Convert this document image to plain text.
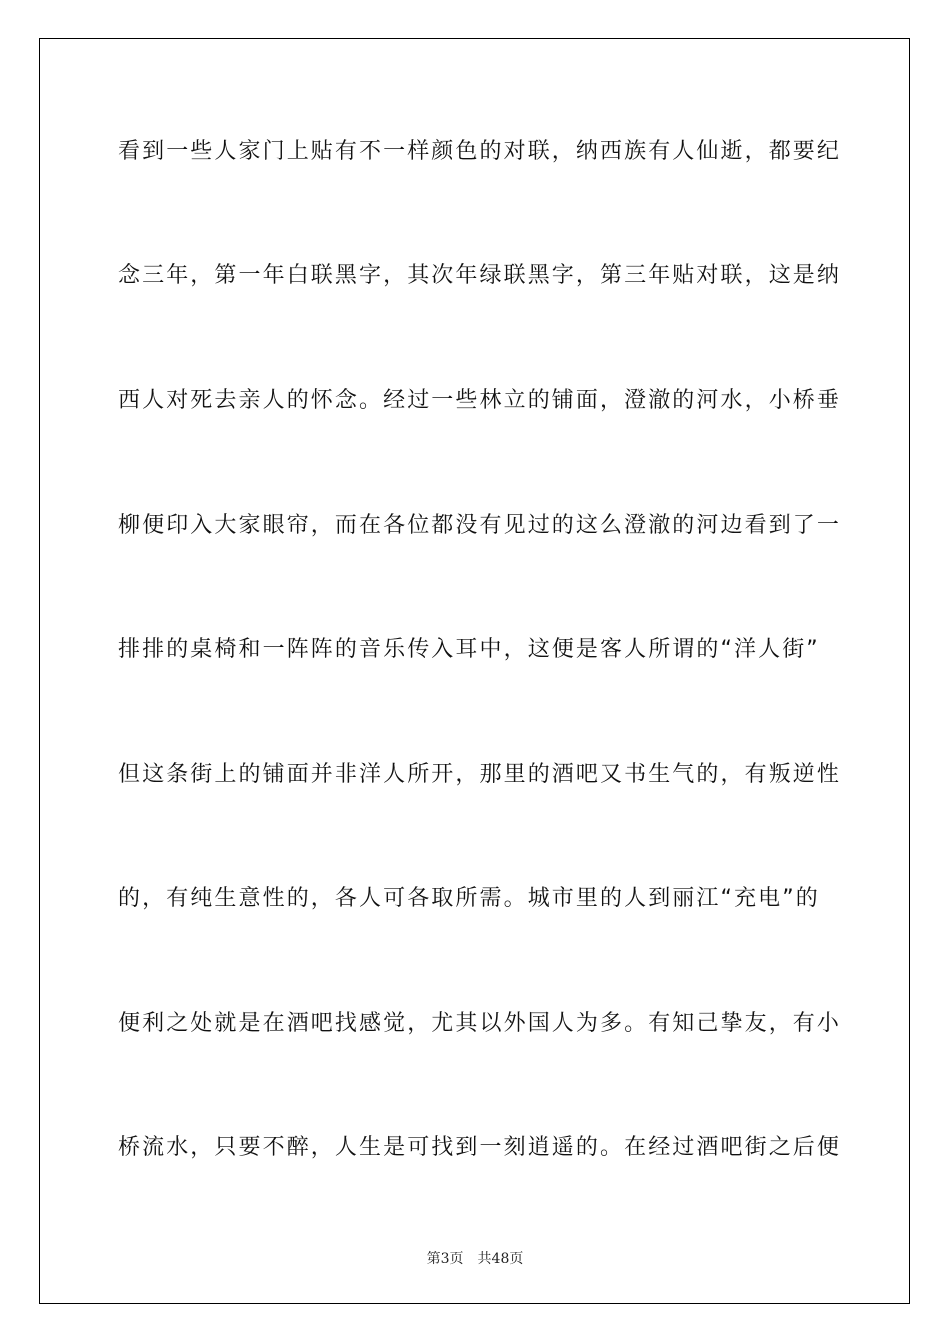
看到一些人家门上贴有不一样颜色的对联，纳西族有人仙逝，都要纪
念三年，第一年白联黑字，其次年绿联黑字，第三年贴对联，这是纳
西人对死去亲人的怀念。经过一些林立的铺面，澄澈的河水，小桥垂
柳便印入大家眼帘，而在各位都没有见过的这么澄澈的河边看到了一
排排的桌椅和一阵阵的音乐传入耳中，这便是客人所谓的“洋人街”
但这条街上的铺面并非洋人所开，那里的酒吧又书生气的，有叛逆性
的，有纯生意性的，各人可各取所需。城市里的人到丽江“充电”的
便利之处就是在酒吧找感觉，尤其以外国人为多。有知己挚友，有小
桥流水，只要不醉，人生是可找到一刻逍遥的。在经过酒吧街之后便
第3页 共48页
